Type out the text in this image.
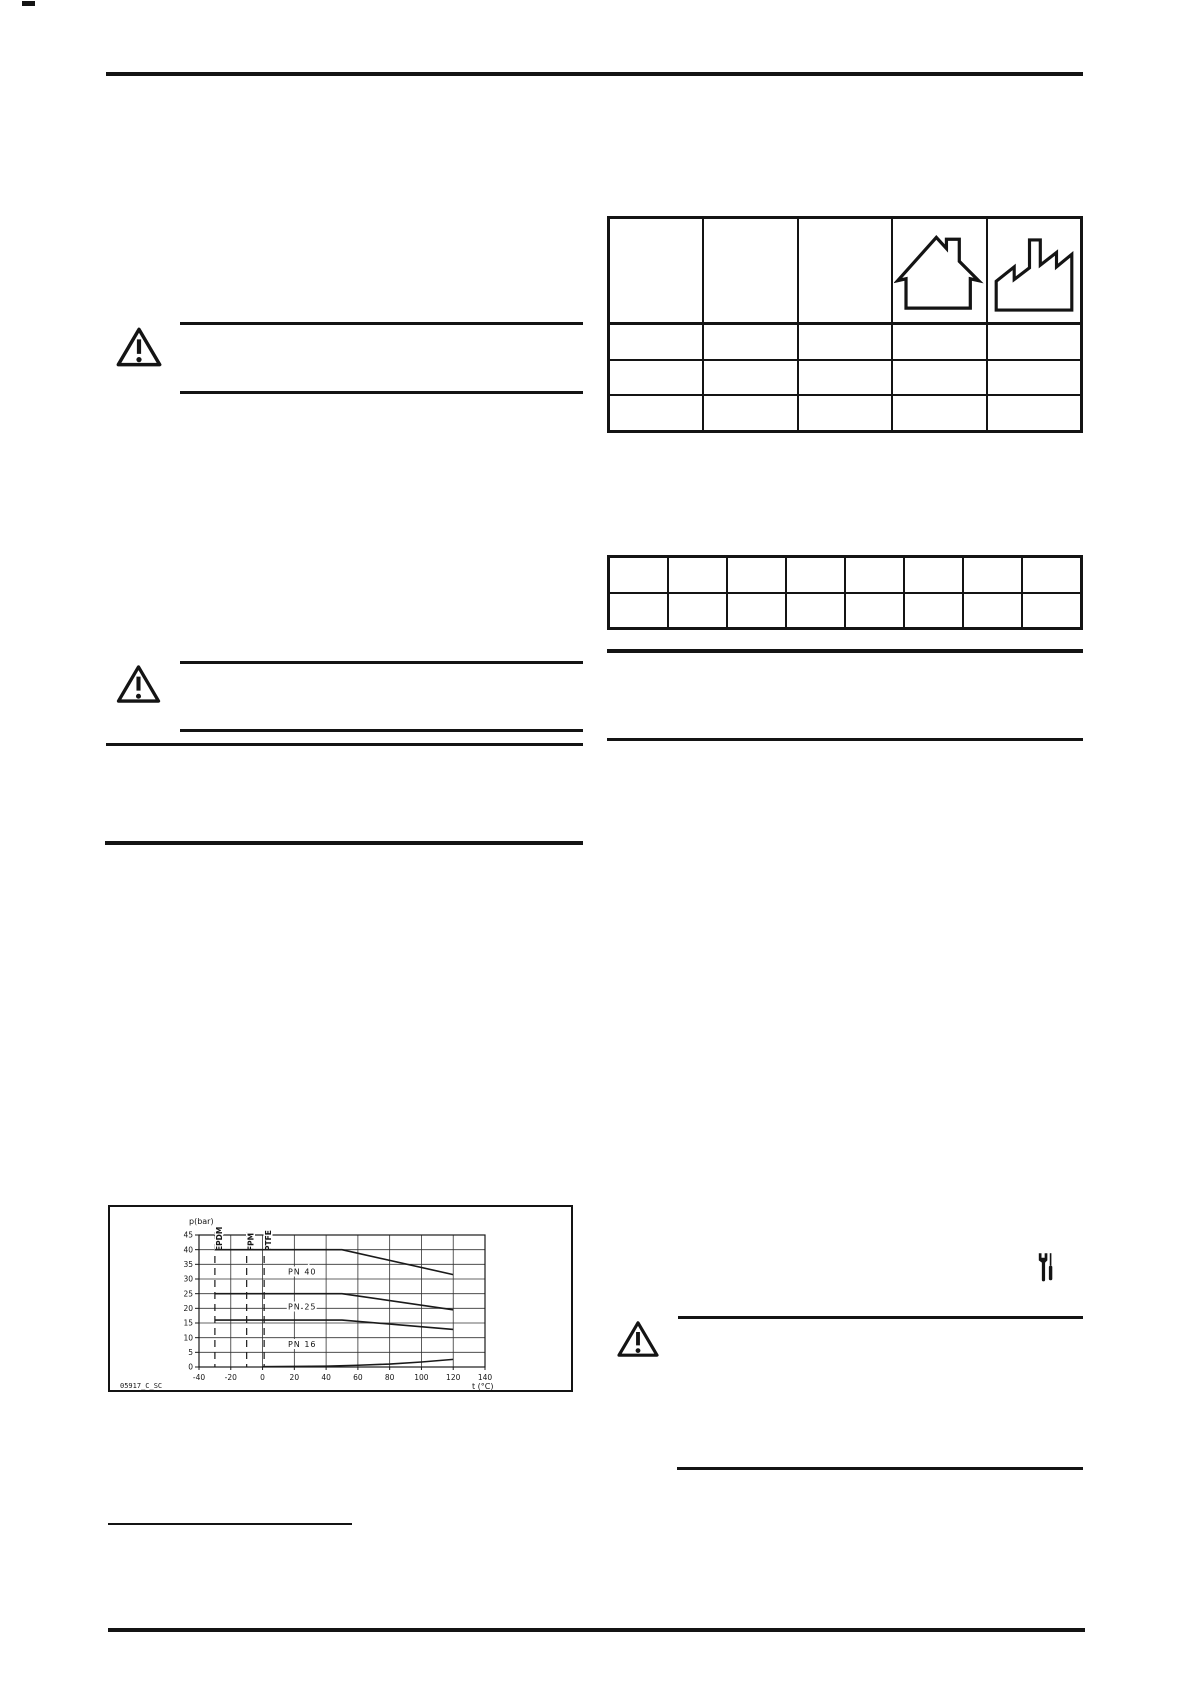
EPDM	FPM PTFE
0
5
10
15
20
25
30
35
40
45
-40	-20	0	20	40	60	80	100 120 140
p(bar)
t (°C)
05917_C_SC
PN 40
PN 25
PN 16
